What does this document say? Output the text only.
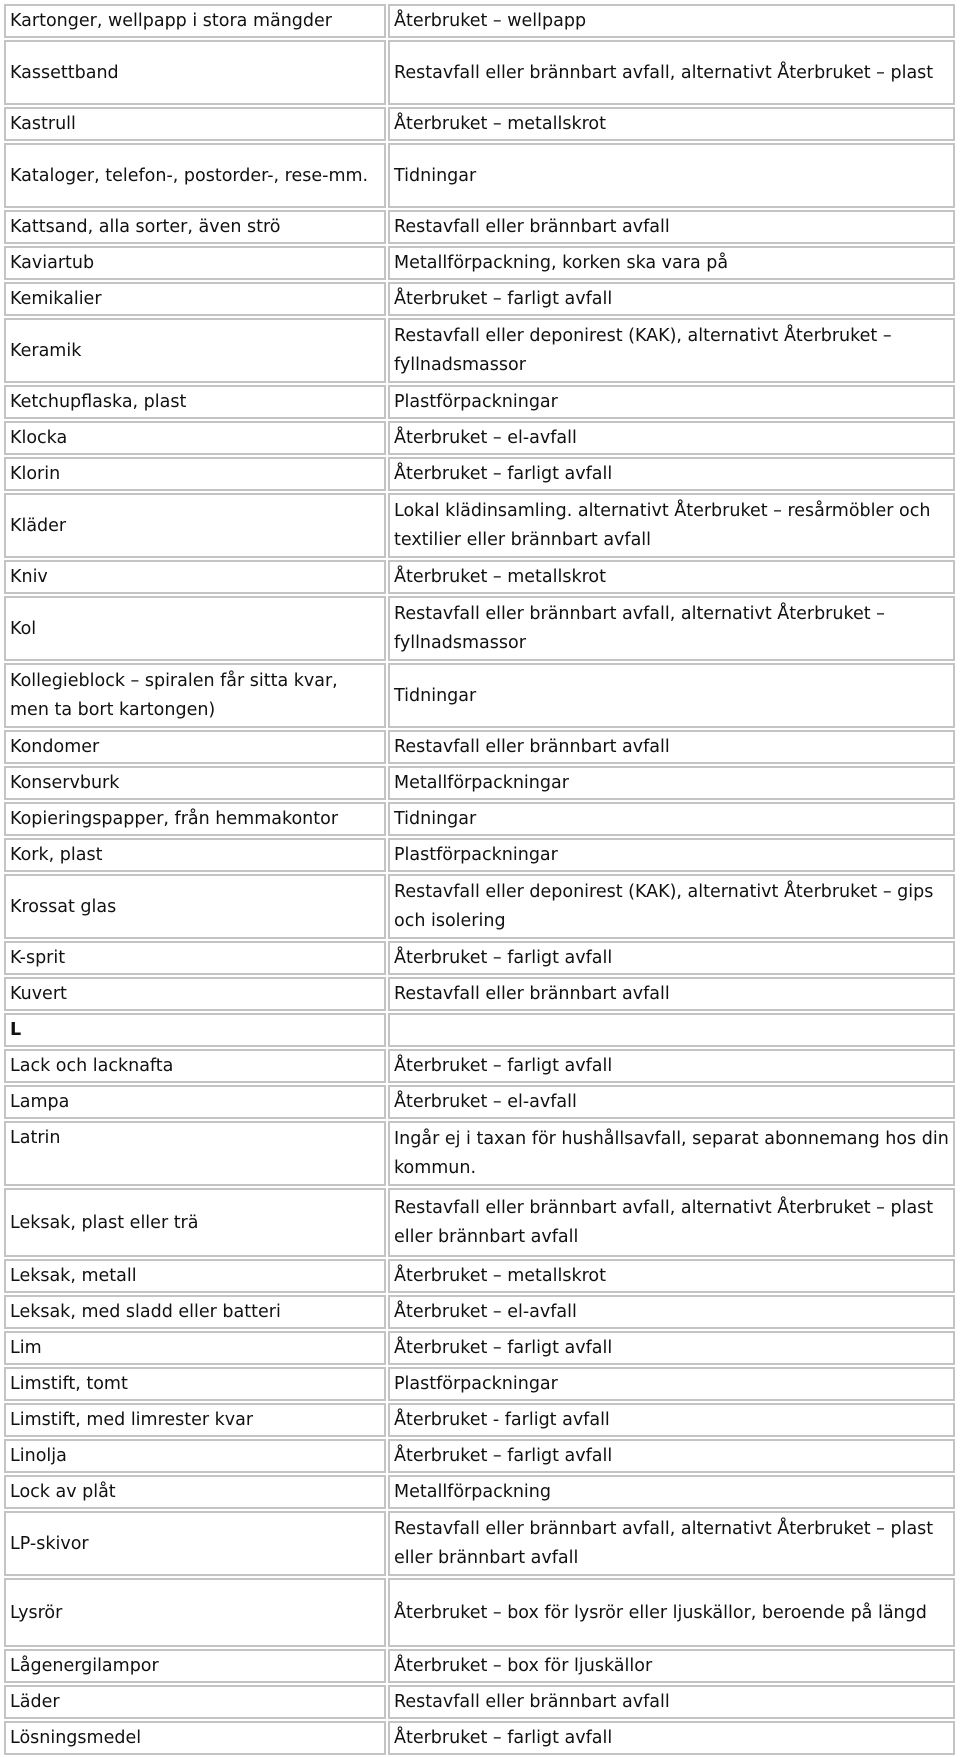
Kartonger, wellpapp i stora mängder	Återbruket – wellpapp
Kassettband	Restavfall eller brännbart avfall, alternativt Återbruket – plast
Kastrull	Återbruket – metallskrot
Kataloger, telefon-, postorder-, rese-mm.	Tidningar
Kattsand, alla sorter, även strö	Restavfall eller brännbart avfall
Kaviartub	Metallförpackning, korken ska vara på
Kemikalier	Återbruket – farligt avfall
Keramik	Restavfall eller deponirest (KAK), alternativt Återbruket – fyllnadsmassor
Ketchupflaska, plast	Plastförpackningar
Klocka	Återbruket – el-avfall
Klorin	Återbruket – farligt avfall
Kläder	Lokal klädinsamling. alternativt Återbruket – resårmöbler och textilier eller brännbart avfall
Kniv	Återbruket – metallskrot
Kol	Restavfall eller brännbart avfall, alternativt Återbruket – fyllnadsmassor
Kollegieblock – spiralen får sitta kvar, men ta bort kartongen)	Tidningar
Kondomer	Restavfall eller brännbart avfall
Konservburk	Metallförpackningar
Kopieringspapper, från hemmakontor	Tidningar
Kork, plast	Plastförpackningar
Krossat glas	Restavfall eller deponirest (KAK), alternativt Återbruket – gips och isolering
K-sprit	Återbruket – farligt avfall
Kuvert	Restavfall eller brännbart avfall
L	
Lack och lacknafta	Återbruket – farligt avfall
Lampa	Återbruket – el-avfall
Latrin	Ingår ej i taxan för hushållsavfall, separat abonnemang hos din kommun.
Leksak, plast eller trä	Restavfall eller brännbart avfall, alternativt Återbruket – plast eller brännbart avfall
Leksak, metall	Återbruket – metallskrot
Leksak, med sladd eller batteri	Återbruket – el-avfall
Lim	Återbruket – farligt avfall
Limstift, tomt	Plastförpackningar
Limstift, med limrester kvar	Återbruket - farligt avfall
Linolja	Återbruket – farligt avfall
Lock av plåt	Metallförpackning
LP-skivor	Restavfall eller brännbart avfall, alternativt Återbruket – plast eller brännbart avfall
Lysrör	Återbruket – box för lysrör eller ljuskällor, beroende på längd
Lågenergilampor	Återbruket – box för ljuskällor
Läder	Restavfall eller brännbart avfall
Lösningsmedel	Återbruket – farligt avfall
